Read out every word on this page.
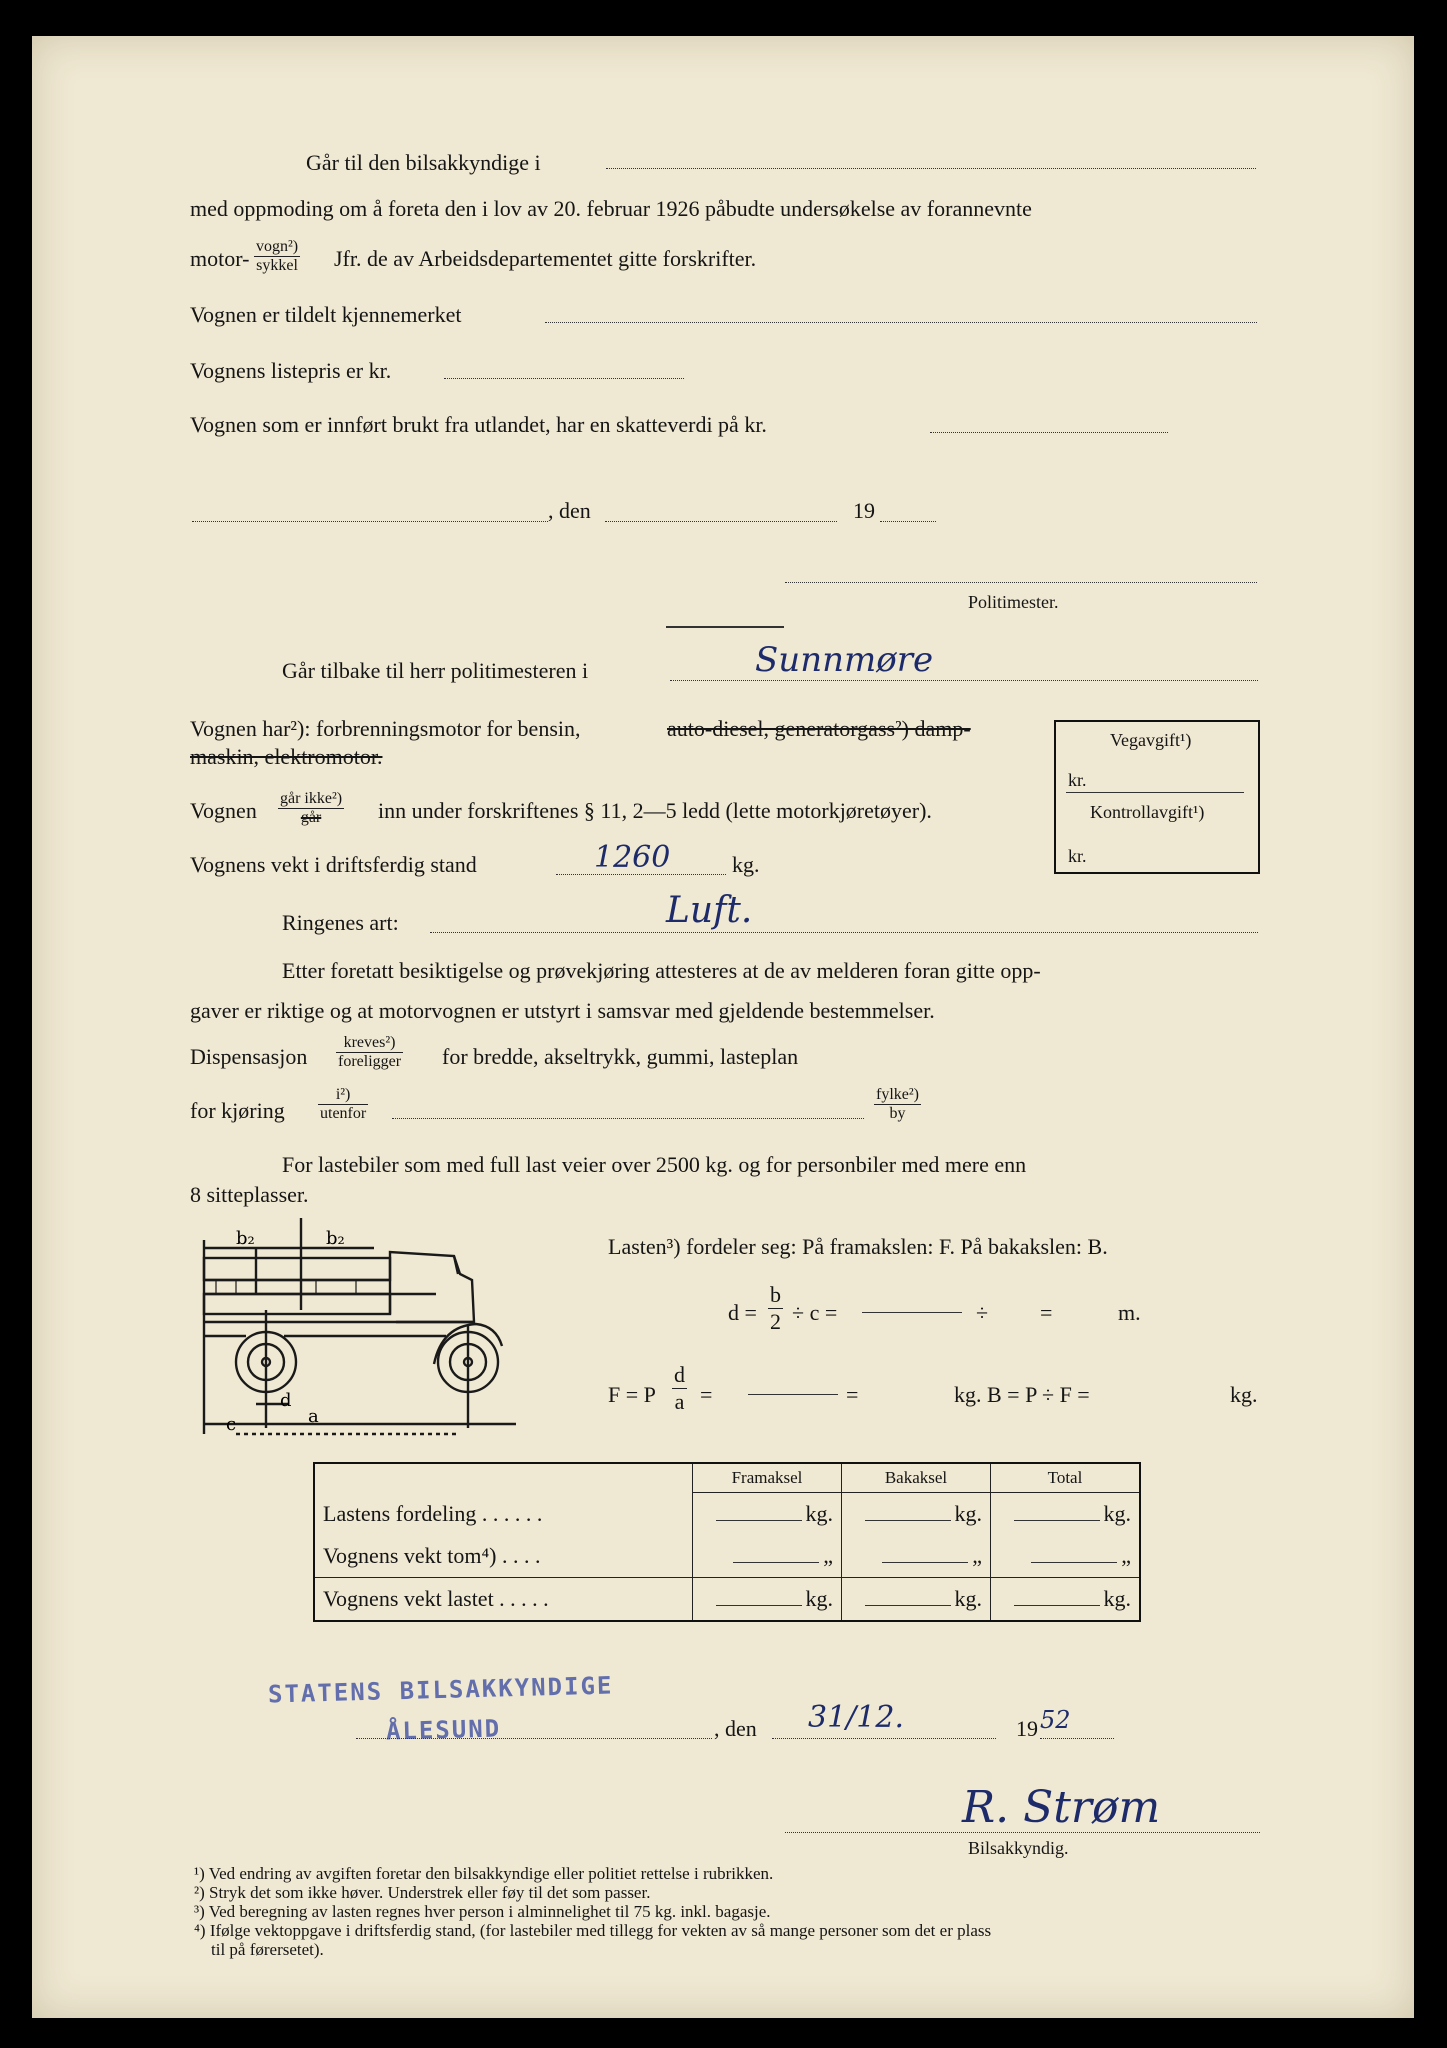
Går til den bilsakkyndige i
med oppmoding om å foreta den i lov av 20. februar 1926 påbudte undersøkelse av forannevnte
motor- vogn²)
sykkel Jfr. de av Arbeidsdepartementet gitte forskrifter.
Vognen er tildelt kjennemerket
Vognens listepris er kr.
Vognen som er innført brukt fra utlandet, har en skatteverdi på kr.
, den	19
Politimester.
Går tilbake til herr politimesteren i	Sunnmøre
Vognen har²): forbrenningsmotor for bensin,	auto-diesel, generatorgass²) damp-
maskin, elektromotor.
Vegavgift¹)
kr.
Kontrollavgift¹)
kr.
Vognen går ikke²)
går	inn under forskriftenes § 11, 2—5 ledd (lette motorkjøretøyer).
Vognens vekt i driftsferdig stand	1260	kg.
Ringenes art:	Luft.
Etter foretatt besiktigelse og prøvekjøring attesteres at de av melderen foran gitte opp-
gaver er riktige og at motorvognen er utstyrt i samsvar med gjeldende bestemmelser.
Dispensasjon
kreves²)
foreligger for bredde, akseltrykk, gummi, lasteplan
for kjøring
i²)
utenfor
fylke²)
by
For lastebiler som med full last veier over 2500 kg. og for personbiler med mere enn
8 sitteplasser.
b₂	b₂
d
a
c
Lasten³) fordeler seg: På framakslen: F. På bakakslen: B.
$d = \frac{b}{2} \div c$ =	÷ =	m.
F = P $\frac{d}{a}$ =	=	kg. B = P ÷ F =	kg.
	Framaksel	Bakaksel	Total
Lastens fordeling . . . . . .	kg.	kg.	kg.
Vognens vekt tom⁴) . . . .	„	„	„
Vognens vekt lastet . . . . .	kg.	kg.	kg.
STATENS BILSAKKYNDIGE
ÅLESUND	, den 31/12.	19 52
R. Strøm
Bilsakkyndig.
¹) Ved endring av avgiften foretar den bilsakkyndige eller politiet rettelse i rubrikken.
²) Stryk det som ikke høver. Understrek eller føy til det som passer.
³) Ved beregning av lasten regnes hver person i alminnelighet til 75 kg. inkl. bagasje.
⁴) Ifølge vektoppgave i driftsferdig stand, (for lastebiler med tillegg for vekten av så mange personer som det er plass
til på førersetet).
